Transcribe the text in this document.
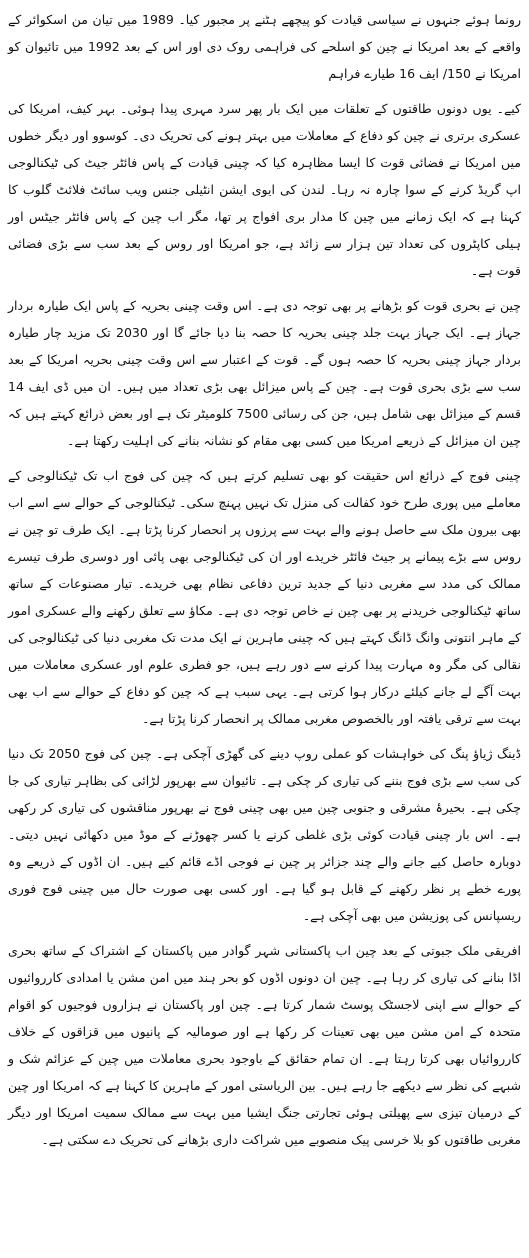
رونما ہوئے جنہوں نے سیاسی قیادت کو پیچھے ہٹنے پر مجبور کیا۔ 1989 میں تیان من اسکوائر کے واقعے کے بعد امریکا نے چین کو اسلحے کی فراہمی روک دی اور اس کے بعد 1992 میں تائیوان کو امریکا نے 150/ ایف 16 طیارے فراہم

کیے۔ یوں دونوں طاقتوں کے تعلقات میں ایک بار پھر سرد مہری پیدا ہوئی۔ بہر کیف، امریکا کی عسکری برتری نے چین کو دفاع کے معاملات میں بہتر ہونے کی تحریک دی۔ کوسوو اور دیگر خطوں میں امریکا نے فضائی قوت کا ایسا مظاہرہ کیا کہ چینی قیادت کے پاس فائٹر جیٹ کی ٹیکنالوجی اپ گریڈ کرنے کے سوا چارہ نہ رہا۔ لندن کی ایوی ایشن انٹیلی جنس ویب سائٹ فلائٹ گلوب کا کہنا ہے کہ ایک زمانے میں چین کا مدار بری افواج پر تھا، مگر اب چین کے پاس فائٹر جیٹس اور ہیلی کاپٹروں کی تعداد تین ہزار سے زائد ہے، جو امریکا اور روس کے بعد سب سے بڑی فضائی قوت ہے۔

چین نے بحری قوت کو بڑھانے پر بھی توجہ دی ہے۔ اس وقت چینی بحریہ کے پاس ایک طیارہ بردار جہاز ہے۔ ایک جہاز بہت جلد چینی بحریہ کا حصہ بنا دیا جائے گا اور 2030 تک مزید چار طیارہ بردار جہاز چینی بحریہ کا حصہ ہوں گے۔ قوت کے اعتبار سے اس وقت چینی بحریہ امریکا کے بعد سب سے بڑی بحری قوت ہے۔ چین کے پاس میزائل بھی بڑی تعداد میں ہیں۔ ان میں ڈی ایف 14 قسم کے میزائل بھی شامل ہیں، جن کی رسائی 7500 کلومیٹر تک ہے اور بعض ذرائع کہتے ہیں کہ چین ان میزائل کے ذریعے امریکا میں کسی بھی مقام کو نشانہ بنانے کی اہلیت رکھتا ہے۔

چینی فوج کے ذرائع اس حقیقت کو بھی تسلیم کرتے ہیں کہ چین کی فوج اب تک ٹیکنالوجی کے معاملے میں پوری طرح خود کفالت کی منزل تک نہیں پہنچ سکی۔ ٹیکنالوجی کے حوالے سے اسے اب بھی بیرون ملک سے حاصل ہونے والے بہت سے پرزوں پر انحصار کرنا پڑتا ہے۔ ایک طرف تو چین نے روس سے بڑے پیمانے پر جیٹ فائٹر خریدے اور ان کی ٹیکنالوجی بھی پائی اور دوسری طرف تیسرے ممالک کی مدد سے مغربی دنیا کے جدید ترین دفاعی نظام بھی خریدے۔ تیار مصنوعات کے ساتھ ساتھ ٹیکنالوجی خریدنے پر بھی چین نے خاص توجہ دی ہے۔ مکاؤ سے تعلق رکھنے والے عسکری امور کے ماہر انتونی وانگ ڈانگ کہتے ہیں کہ چینی ماہرین نے ایک مدت تک مغربی دنیا کی ٹیکنالوجی کی نقالی کی مگر وہ مہارت پیدا کرنے سے دور رہے ہیں، جو فطری علوم اور عسکری معاملات میں بہت آگے لے جانے کیلئے درکار ہوا کرتی ہے۔ یہی سبب ہے کہ چین کو دفاع کے حوالے سے اب بھی بہت سے ترقی یافتہ اور بالخصوص مغربی ممالک پر انحصار کرنا پڑتا ہے۔

ڈینگ ژیاؤ پنگ کی خواہشات کو عملی روپ دینے کی گھڑی آچکی ہے۔ چین کی فوج 2050 تک دنیا کی سب سے بڑی فوج بننے کی تیاری کر چکی ہے۔ تائیوان سے بھرپور لڑائی کی بظاہر تیاری کی جا چکی ہے۔ بحیرۂ مشرقی و جنوبی چین میں بھی چینی فوج نے بھرپور مناقشوں کی تیاری کر رکھی ہے۔ اس بار چینی قیادت کوئی بڑی غلطی کرنے یا کسر چھوڑنے کے موڈ میں دکھائی نہیں دیتی۔ دوبارہ حاصل کیے جانے والے چند جزائر پر چین نے فوجی اڈے قائم کیے ہیں۔ ان اڈوں کے ذریعے وہ پورے خطے پر نظر رکھنے کے قابل ہو گیا ہے۔ اور کسی بھی صورت حال میں چینی فوج فوری ریسپانس کی پوزیشن میں بھی آچکی ہے۔

افریقی ملک جبوتی کے بعد چین اب پاکستانی شہر گوادر میں پاکستان کے اشتراک کے ساتھ بحری اڈا بنانے کی تیاری کر رہا ہے۔ چین ان دونوں اڈوں کو بحر ہند میں امن مشن یا امدادی کارروائیوں کے حوالے سے اپنی لاجسٹک پوسٹ شمار کرتا ہے۔ چین اور پاکستان نے ہزاروں فوجیوں کو اقوام متحدہ کے امن مشن میں بھی تعینات کر رکھا ہے اور صومالیہ کے پانیوں میں قزاقوں کے خلاف کارروائیاں بھی کرتا رہتا ہے۔ ان تمام حقائق کے باوجود بحری معاملات میں چین کے عزائم شک و شبہے کی نظر سے دیکھے جا رہے ہیں۔ بین الریاستی امور کے ماہرین کا کہنا ہے کہ امریکا اور چین کے درمیان تیزی سے پھیلتی ہوئی تجارتی جنگ ایشیا میں بہت سے ممالک سمیت امریکا اور دیگر مغربی طاقتوں کو بلا خرسی پیک منصوبے میں شراکت داری بڑھانے کی تحریک دے سکتی ہے۔
